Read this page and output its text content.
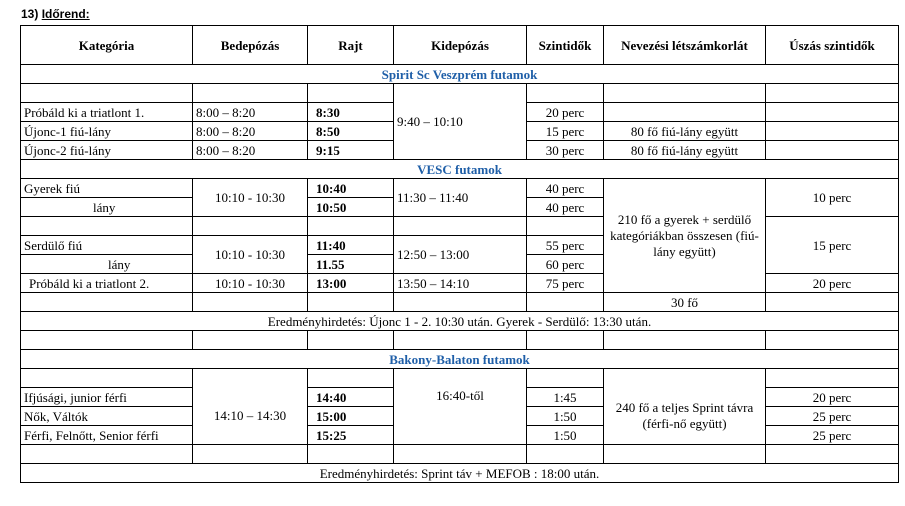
13) Időrend:
Kategória	Bedepózás	Rajt	Kidepózás	Szintidők	Nevezési létszámkorlát	Úszás szintidők
Spirit Sc Veszprém futamok						
			9:40 – 10:10			
Próbáld ki a triatlont 1.	8:00 – 8:20	8:30		20 perc		
Újonc-1 fiú-lány	8:00 – 8:20	8:50		15 perc	80 fő fiú-lány együtt	
Újonc-2 fiú-lány	8:00 – 8:20	9:15		30 perc	80 fő fiú-lány együtt	
VESC futamok						
Gyerek fiú	10:10 - 10:30	10:40	11:30 – 11:40	40 perc	210 fő a gyerek + serdülő kategóriákban összesen (fiú-lány együtt)	10 perc
lány		10:50		40 perc		
						15 perc
Serdülő fiú	10:10 - 10:30	11:40	12:50 – 13:00	55 perc		
lány		11.55		60 perc		
Próbáld ki a triatlont 2.	10:10 - 10:30	13:00	13:50 – 14:10	75 perc		20 perc
					30 fő	
Eredményhirdetés: Újonc 1 - 2. 10:30 után. Gyerek - Serdülő: 13:30 után.						

Bakony-Balaton futamok						

Ifjúsági, junior férfi	14:10 – 14:30	14:40	16:40-től	1:45	240 fő a teljes Sprint távra (férfi-nő együtt)	20 perc
Nők, Váltók		15:00		1:50		25 perc
Férfi, Felnőtt, Senior férfi		15:25		1:50		25 perc

Eredményhirdetés: Sprint táv + MEFOB : 18:00 után.						
